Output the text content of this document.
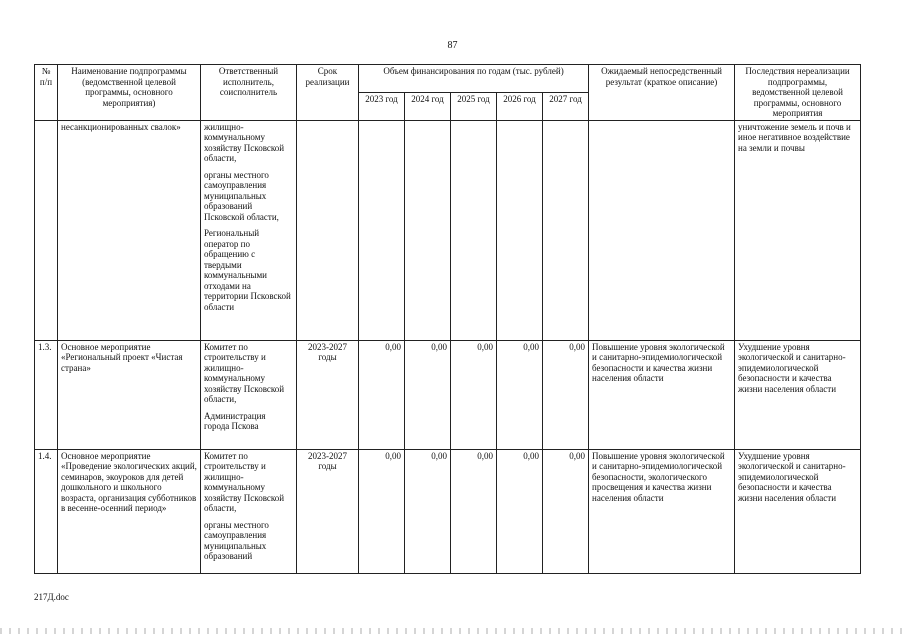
87
№ п/п	Наименование подпрограммы (ведомственной целевой программы, основного мероприятия)	Ответственный исполнитель, соисполнитель	Срок реализации	Объем финансирования по годам (тыс. рублей)					Ожидаемый непосредственный результат (краткое описание)	Последствия нереализации подпрограммы, ведомственной целевой программы, основного мероприятия
				2023 год	2024 год	2025 год	2026 год	2027 год		
	несанкционированных свалок»	жилищно-коммунальному хозяйству Псковской области,

органы местного самоуправления муниципальных образований Псковской области,

Региональный оператор по обращению с твердыми коммунальными отходами на территории Псковской области								уничтожение земель и почв и иное негативное воздействие на земли и почвы
1.3.	Основное мероприятие «Региональный проект «Чистая страна»	Комитет по строительству и жилищно-коммунальному хозяйству Псковской области,

Администрация города Пскова	2023-2027 годы	0,00	0,00	0,00	0,00	0,00	Повышение уровня экологической и санитарно-эпидемиологической безопасности и качества жизни населения области	Ухудшение уровня экологической и санитарно-эпидемиологической безопасности и качества жизни населения области
1.4.	Основное мероприятие «Проведение экологических акций, семинаров, экоуроков для детей дошкольного и школьного возраста, организация субботников в весенне-осенний период»	Комитет по строительству и жилищно-коммунальному хозяйству Псковской области,

органы местного самоуправления муниципальных образований	2023-2027 годы	0,00	0,00	0,00	0,00	0,00	Повышение уровня экологической и санитарно-эпидемиологической безопасности, экологического просвещения и качества жизни населения области	Ухудшение уровня экологической и санитарно-эпидемиологической безопасности и качества жизни населения области
217Д.doc
